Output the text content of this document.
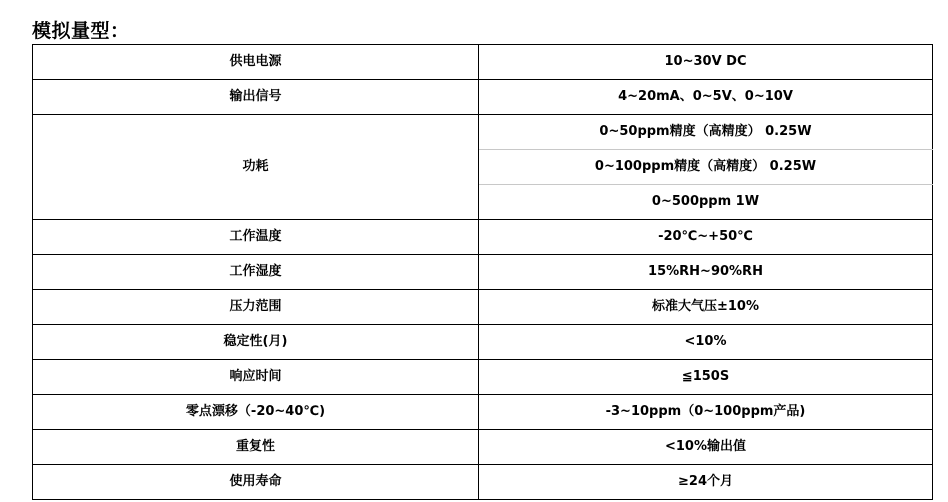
模拟量型：
供电电源	10~30V DC
输出信号	4~20mA、0~5V、0~10V
功耗	0~50ppm精度（高精度） 0.25W
	0~100ppm精度（高精度） 0.25W
	0~500ppm 1W
工作温度	-20℃~+50℃
工作湿度	15%RH~90%RH
压力范围	标准大气压±10%
稳定性(月)	<10%
响应时间	≦150S
零点漂移（-20~40℃)	-3~10ppm（0~100ppm产品)
重复性	<10%输出值
使用寿命	≥24个月
